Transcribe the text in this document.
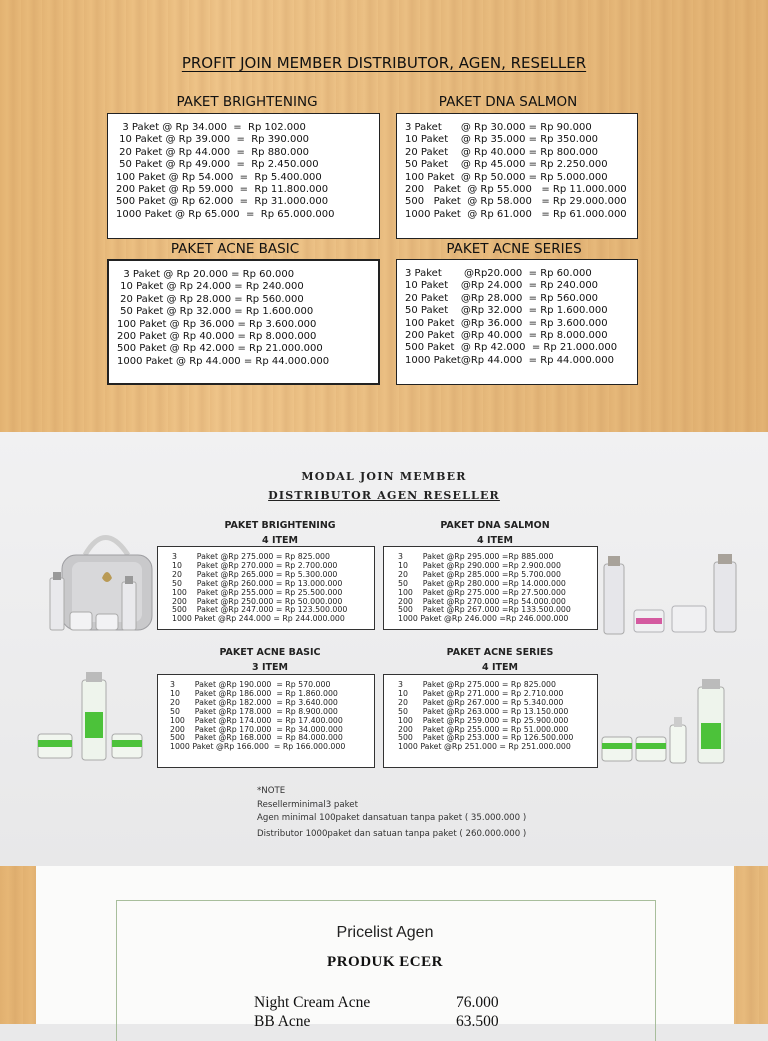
PROFIT JOIN MEMBER DISTRIBUTOR, AGEN, RESELLER
PAKET BRIGHTENING
3 Paket @ Rp 34.000  =  Rp 102.000
10 Paket @ Rp 39.000  =  Rp 390.000
20 Paket @ Rp 44.000  =  Rp 880.000
50 Paket @ Rp 49.000  =  Rp 2.450.000
100 Paket @ Rp 54.000  =  Rp 5.400.000
200 Paket @ Rp 59.000  =  Rp 11.800.000
500 Paket @ Rp 62.000  =  Rp 31.000.000
1000 Paket @ Rp 65.000  =  Rp 65.000.000
PAKET DNA SALMON
3 Paket      @ Rp 30.000 = Rp 90.000
10 Paket    @ Rp 35.000 = Rp 350.000
20 Paket    @ Rp 40.000 = Rp 800.000
50 Paket    @ Rp 45.000 = Rp 2.250.000
100 Paket  @ Rp 50.000 = Rp 5.000.000
200   Paket  @ Rp 55.000   = Rp 11.000.000
500   Paket  @ Rp 58.000   = Rp 29.000.000
1000 Paket  @ Rp 61.000   = Rp 61.000.000
PAKET ACNE BASIC
3 Paket @ Rp 20.000 = Rp 60.000
10 Paket @ Rp 24.000 = Rp 240.000
20 Paket @ Rp 28.000 = Rp 560.000
50 Paket @ Rp 32.000 = Rp 1.600.000
100 Paket @ Rp 36.000 = Rp 3.600.000
200 Paket @ Rp 40.000 = Rp 8.000.000
500 Paket @ Rp 42.000 = Rp 21.000.000
1000 Paket @ Rp 44.000 = Rp 44.000.000
PAKET ACNE SERIES
3 Paket       @Rp20.000  = Rp 60.000
10 Paket    @Rp 24.000  = Rp 240.000
20 Paket    @Rp 28.000  = Rp 560.000
50 Paket    @Rp 32.000  = Rp 1.600.000
100 Paket  @Rp 36.000  = Rp 3.600.000
200 Paket  @Rp 40.000  = Rp 8.000.000
500 Paket  @ Rp 42.000  = Rp 21.000.000
1000 Paket@Rp 44.000  = Rp 44.000.000
MODAL JOIN MEMBER
DISTRIBUTOR AGEN RESELLER
PAKET BRIGHTENING
4 ITEM
3        Paket @Rp 275.000 = Rp 825.000
10      Paket @Rp 270.000 = Rp 2.700.000
20      Paket @Rp 265.000 = Rp 5.300.000
50      Paket @Rp 260.000 = Rp 13.000.000
100    Paket @Rp 255.000 = Rp 25.500.000
200    Paket @Rp 250.000 = Rp 50.000.000
500    Paket @Rp 247.000 = Rp 123.500.000
1000 Paket @Rp 244.000 = Rp 244.000.000
PAKET DNA SALMON
4 ITEM
3        Paket @Rp 295.000 =Rp 885.000
10      Paket @Rp 290.000 =Rp 2.900.000
20      Paket @Rp 285.000 =Rp 5.700.000
50      Paket @Rp 280.000 =Rp 14.000.000
100    Paket @Rp 275.000 =Rp 27.500.000
200    Paket @Rp 270.000 =Rp 54.000.000
500    Paket @Rp 267.000 =Rp 133.500.000
1000 Paket @Rp 246.000 =Rp 246.000.000
PAKET ACNE BASIC
3 ITEM
3        Paket @Rp 190.000  = Rp 570.000
10      Paket @Rp 186.000  = Rp 1.860.000
20      Paket @Rp 182.000  = Rp 3.640.000
50      Paket @Rp 178.000  = Rp 8.900.000
100    Paket @Rp 174.000  = Rp 17.400.000
200    Paket @Rp 170.000  = Rp 34.000.000
500    Paket @Rp 168.000  = Rp 84.000.000
1000 Paket @Rp 166.000  = Rp 166.000.000
PAKET ACNE SERIES
4 ITEM
3        Paket @Rp 275.000 = Rp 825.000
10      Paket @Rp 271.000 = Rp 2.710.000
20      Paket @Rp 267.000 = Rp 5.340.000
50      Paket @Rp 263.000 = Rp 13.150.000
100    Paket @Rp 259.000 = Rp 25.900.000
200    Paket @Rp 255.000 = Rp 51.000.000
500    Paket @Rp 253.000 = Rp 126.500.000
1000 Paket @Rp 251.000 = Rp 251.000.000
*NOTE
Resellerminimal3 paket
Agen minimal 100paket dansatuan tanpa paket ( 35.000.000 )
Distributor 1000paket dan satuan tanpa paket ( 260.000.000 )
Pricelist Agen
PRODUK ECER
Night Cream Acne	76.000
BB Acne	63.500
